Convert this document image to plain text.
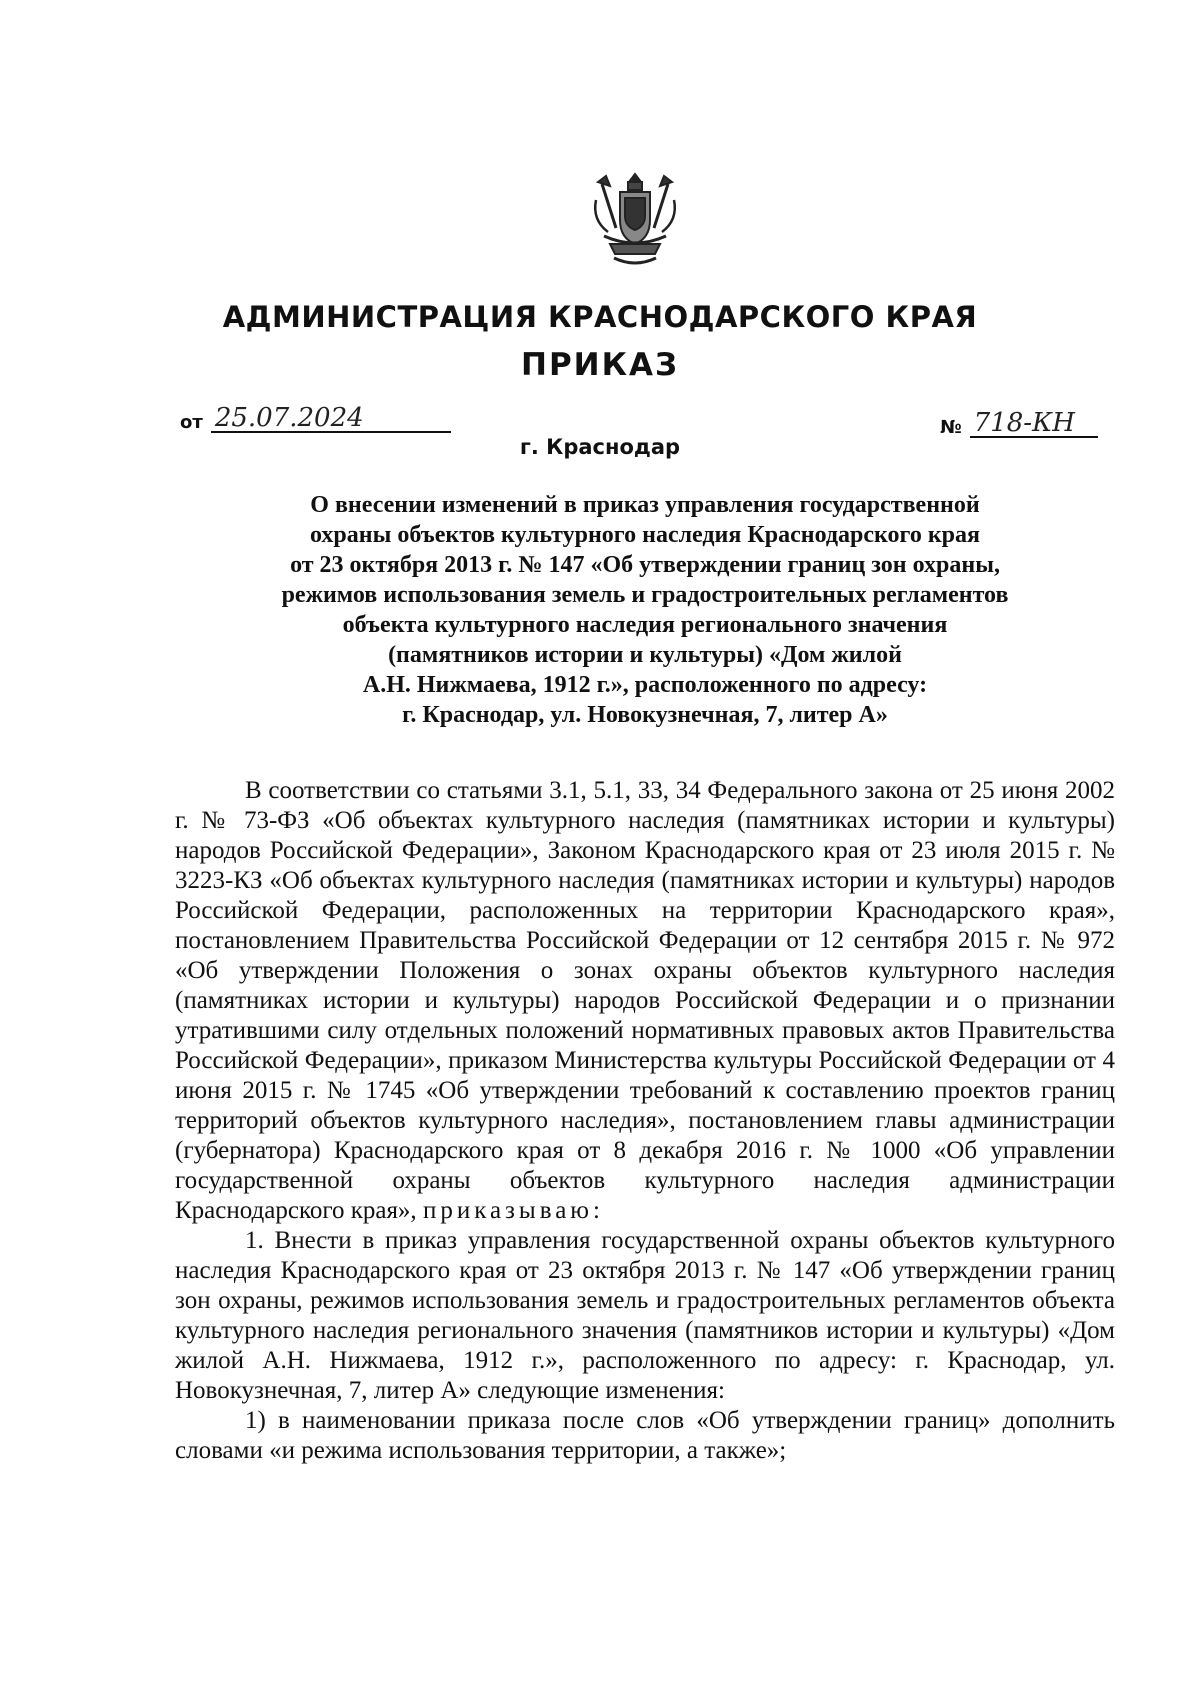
АДМИНИСТРАЦИЯ КРАСНОДАРСКОГО КРАЯ
ПРИКАЗ
от 25.07.2024	№ 718-КН
г. Краснодар
О внесении изменений в приказ управления государственной
охраны объектов культурного наследия Краснодарского края
от 23 октября 2013 г. № 147 «Об утверждении границ зон охраны,
режимов использования земель и градостроительных регламентов
объекта культурного наследия регионального значения
(памятников истории и культуры) «Дом жилой
А.Н. Нижмаева, 1912 г.», расположенного по адресу:
г. Краснодар, ул. Новокузнечная, 7, литер А»

В соответствии со статьями 3.1, 5.1, 33, 34 Федерального закона от 25 июня 2002 г. № 73-ФЗ «Об объектах культурного наследия (памятниках истории и культуры) народов Российской Федерации», Законом Краснодарского края от 23 июля 2015 г. № 3223-КЗ «Об объектах культурного наследия (памятниках истории и культуры) народов Российской Федерации, расположенных на территории Краснодарского края», постановлением Правительства Российской Федерации от 12 сентября 2015 г. № 972 «Об утверждении Положения о зонах охраны объектов культурного наследия (памятниках истории и культуры) народов Российской Федерации и о признании утратившими силу отдельных положений нормативных правовых актов Правительства Российской Федерации», приказом Министерства культуры Российской Федерации от 4 июня 2015 г. № 1745 «Об утверждении требований к составлению проектов границ территорий объектов культурного наследия», постановлением главы администрации (губернатора) Краснодарского края от 8 декабря 2016 г. № 1000 «Об управлении государственной охраны объектов культурного наследия администрации Краснодарского края», приказываю:

1. Внести в приказ управления государственной охраны объектов культурного наследия Краснодарского края от 23 октября 2013 г. № 147 «Об утверждении границ зон охраны, режимов использования земель и градостроительных регламентов объекта культурного наследия регионального значения (памятников истории и культуры) «Дом жилой А.Н. Нижмаева, 1912 г.», расположенного по адресу: г. Краснодар, ул. Новокузнечная, 7, литер А» следующие изменения:

1) в наименовании приказа после слов «Об утверждении границ» дополнить словами «и режима использования территории, а также»;
